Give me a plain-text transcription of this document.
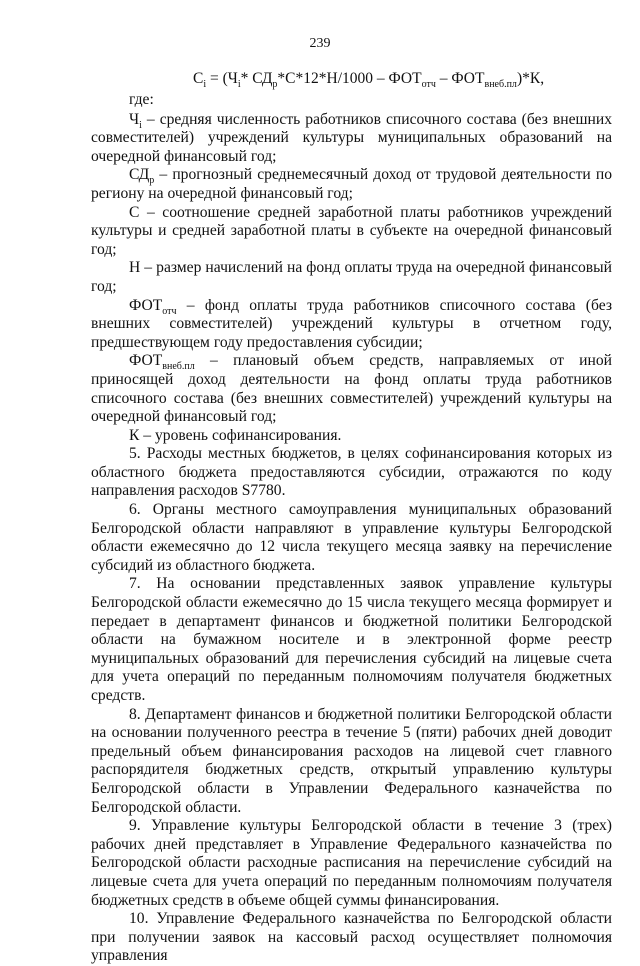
239
$C_i = (Ч_i*$ $СД_р*С*12*Н/1000 - ФОТ_{отч} - ФОТ_{внеб.пл})*К$,

где:

$Ч_i$ – средняя численность работников списочного состава (без внешних совместителей) учреждений культуры муниципальных образований на очередной финансовый год;

$СД_р$ – прогнозный среднемесячный доход от трудовой деятельности по региону на очередной финансовый год;

С – соотношение средней заработной платы работников учреждений культуры и средней заработной платы в субъекте на очередной финансовый год;

Н – размер начислений на фонд оплаты труда на очередной финансовый год;

$ФОТ_{отч}$ – фонд оплаты труда работников списочного состава (без внешних совместителей) учреждений культуры в отчетном году, предшествующем году предоставления субсидии;

$ФОТ_{внеб.пл}$ – плановый объем средств, направляемых от иной приносящей доход деятельности на фонд оплаты труда работников списочного состава (без внешних совместителей) учреждений культуры на очередной финансовый год;

К – уровень софинансирования.

5. Расходы местных бюджетов, в целях софинансирования которых из областного бюджета предоставляются субсидии, отражаются по коду направления расходов S7780.

6. Органы местного самоуправления муниципальных образований Белгородской области направляют в управление культуры Белгородской области ежемесячно до 12 числа текущего месяца заявку на перечисление субсидий из областного бюджета.

7. На основании представленных заявок управление культуры Белгородской области ежемесячно до 15 числа текущего месяца формирует и передает в департамент финансов и бюджетной политики Белгородской области на бумажном носителе и в электронной форме реестр муниципальных образований для перечисления субсидий на лицевые счета для учета операций по переданным полномочиям получателя бюджетных средств.

8. Департамент финансов и бюджетной политики Белгородской области на основании полученного реестра в течение 5 (пяти) рабочих дней доводит предельный объем финансирования расходов на лицевой счет главного распорядителя бюджетных средств, открытый управлению культуры Белгородской области в Управлении Федерального казначейства по Белгородской области.

9. Управление культуры Белгородской области в течение 3 (трех) рабочих дней представляет в Управление Федерального казначейства по Белгородской области расходные расписания на перечисление субсидий на лицевые счета для учета операций по переданным полномочиям получателя бюджетных средств в объеме общей суммы финансирования.

10. Управление Федерального казначейства по Белгородской области при получении заявок на кассовый расход осуществляет полномочия управления
